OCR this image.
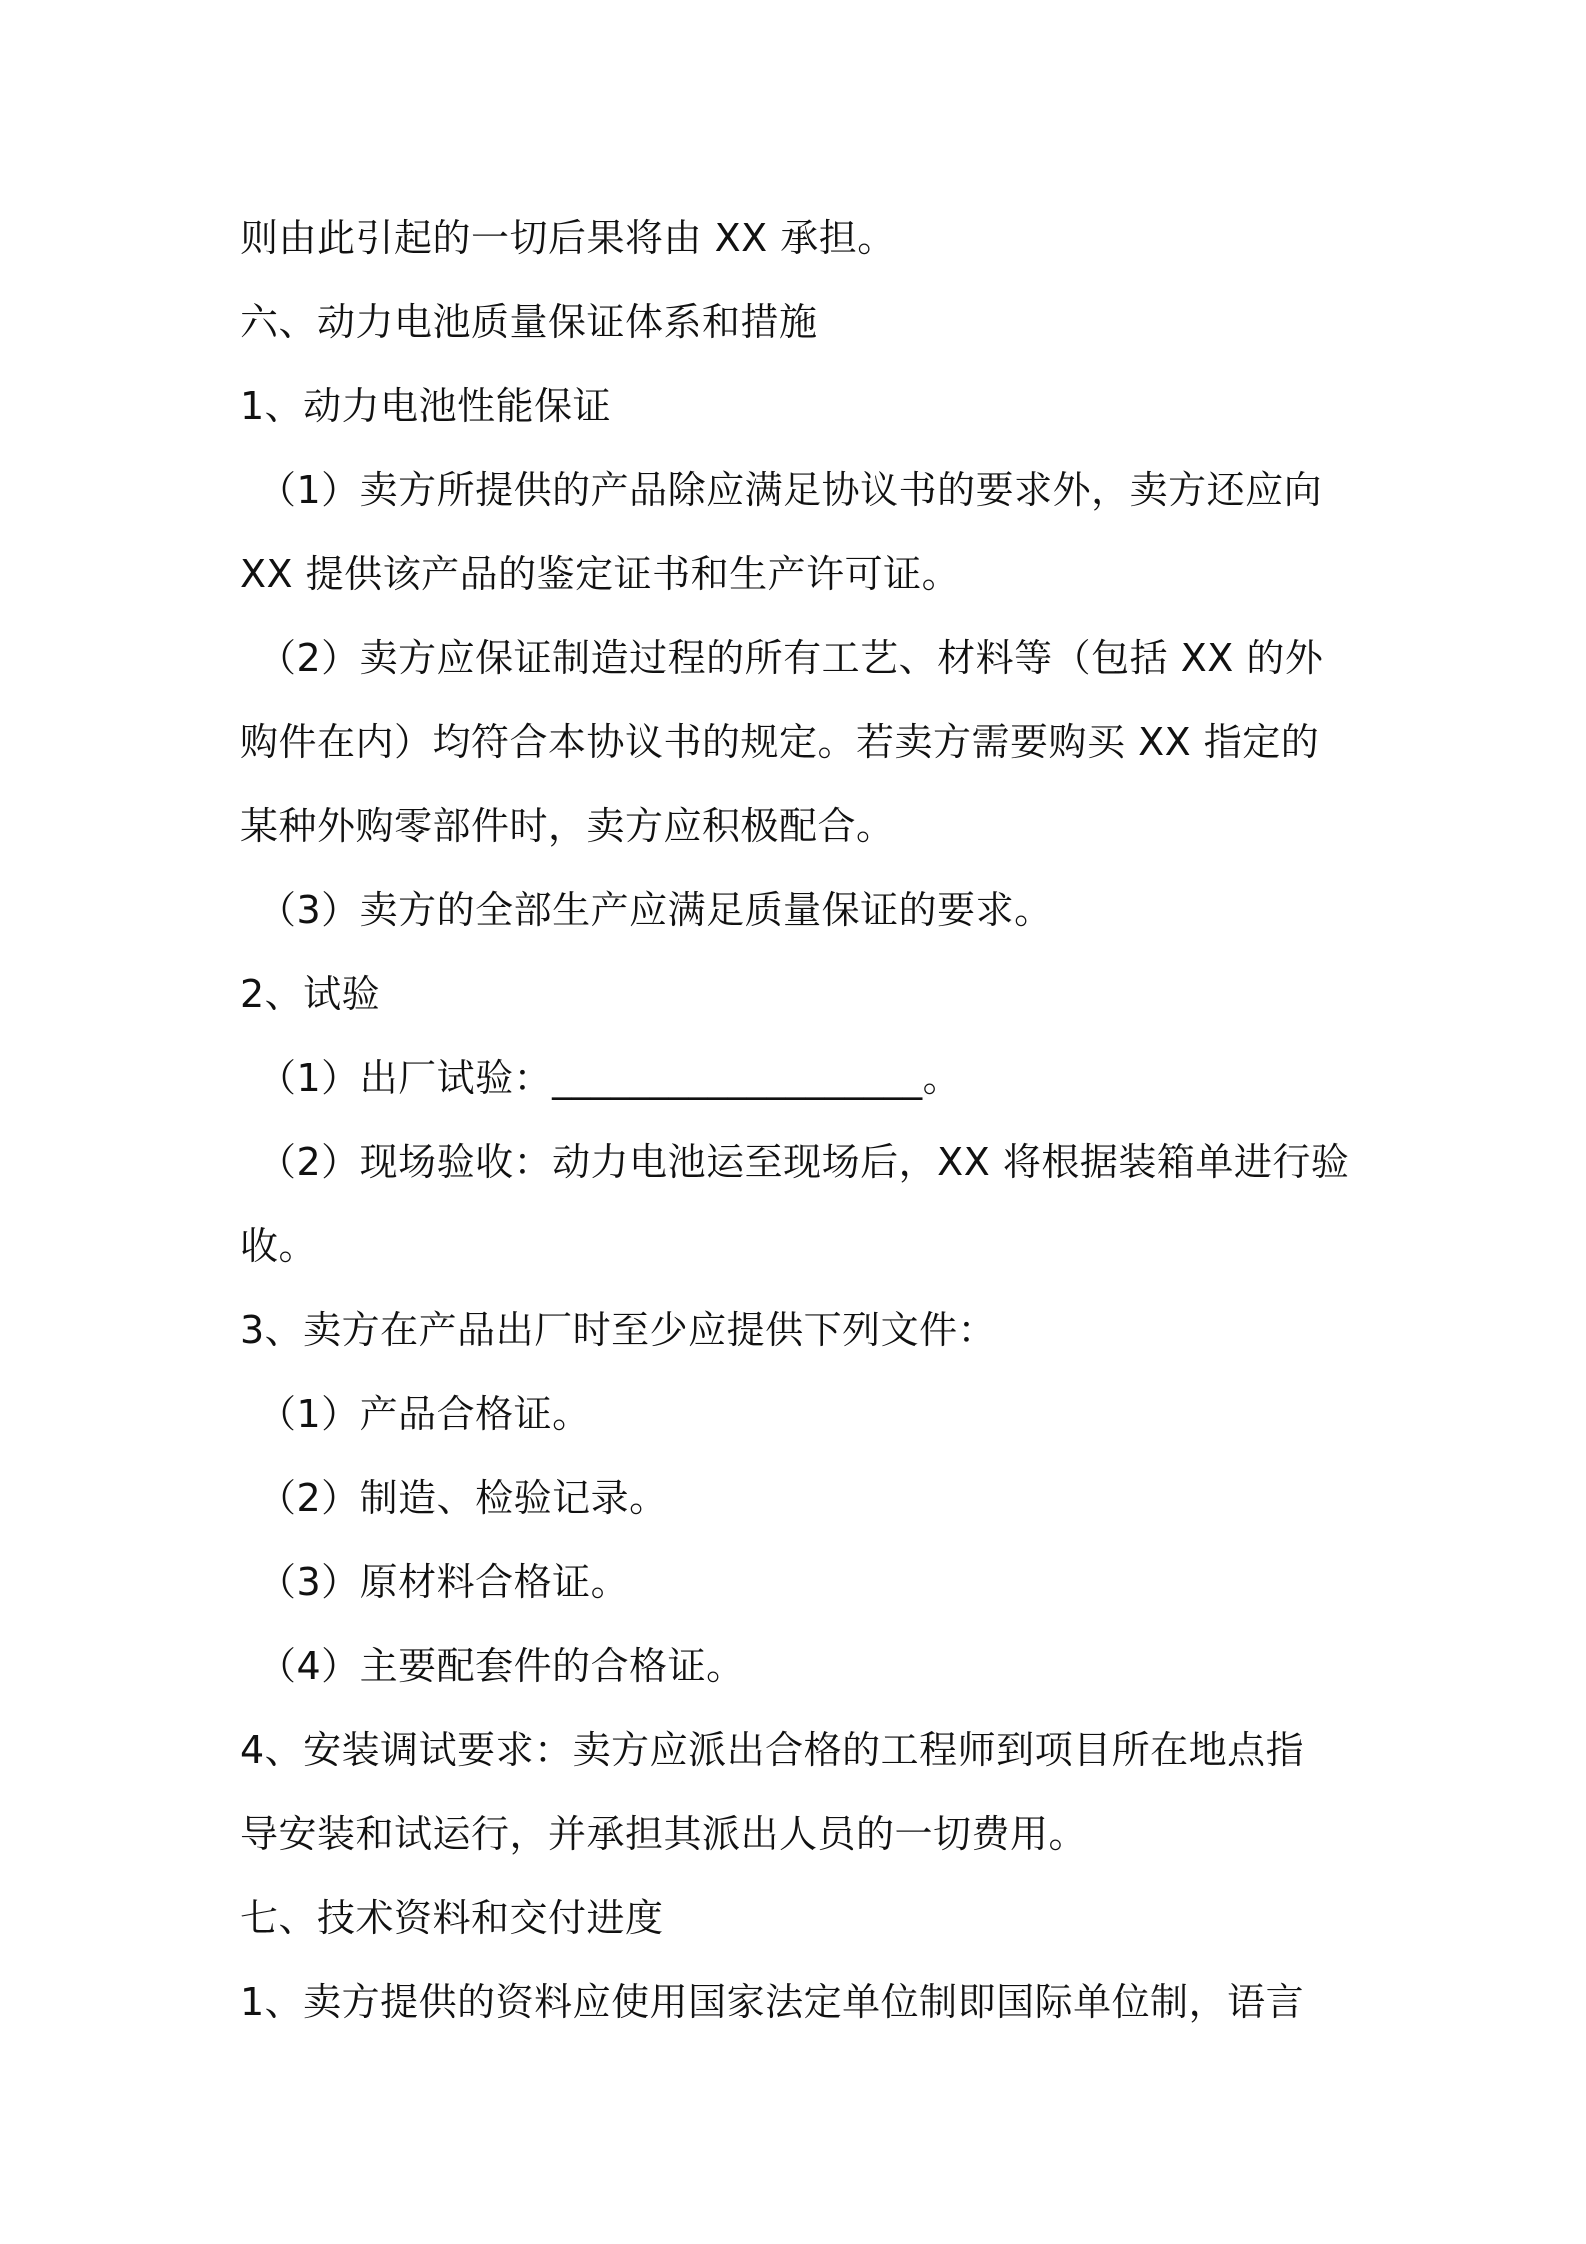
则由此引起的一切后果将由 XX 承担。
六、动力电池质量保证体系和措施
1、动力电池性能保证
（1）卖方所提供的产品除应满足协议书的要求外，卖方还应向
XX 提供该产品的鉴定证书和生产许可证。
（2）卖方应保证制造过程的所有工艺、材料等（包括 XX 的外
购件在内）均符合本协议书的规定。若卖方需要购买 XX 指定的
某种外购零部件时，卖方应积极配合。
（3）卖方的全部生产应满足质量保证的要求。
2、试验
（1）出厂试验：___________________。
（2）现场验收：动力电池运至现场后，XX 将根据装箱单进行验
收。
3、卖方在产品出厂时至少应提供下列文件：
（1）产品合格证。
（2）制造、检验记录。
（3）原材料合格证。
（4）主要配套件的合格证。
4、安装调试要求：卖方应派出合格的工程师到项目所在地点指
导安装和试运行，并承担其派出人员的一切费用。
七、技术资料和交付进度
1、卖方提供的资料应使用国家法定单位制即国际单位制，语言
